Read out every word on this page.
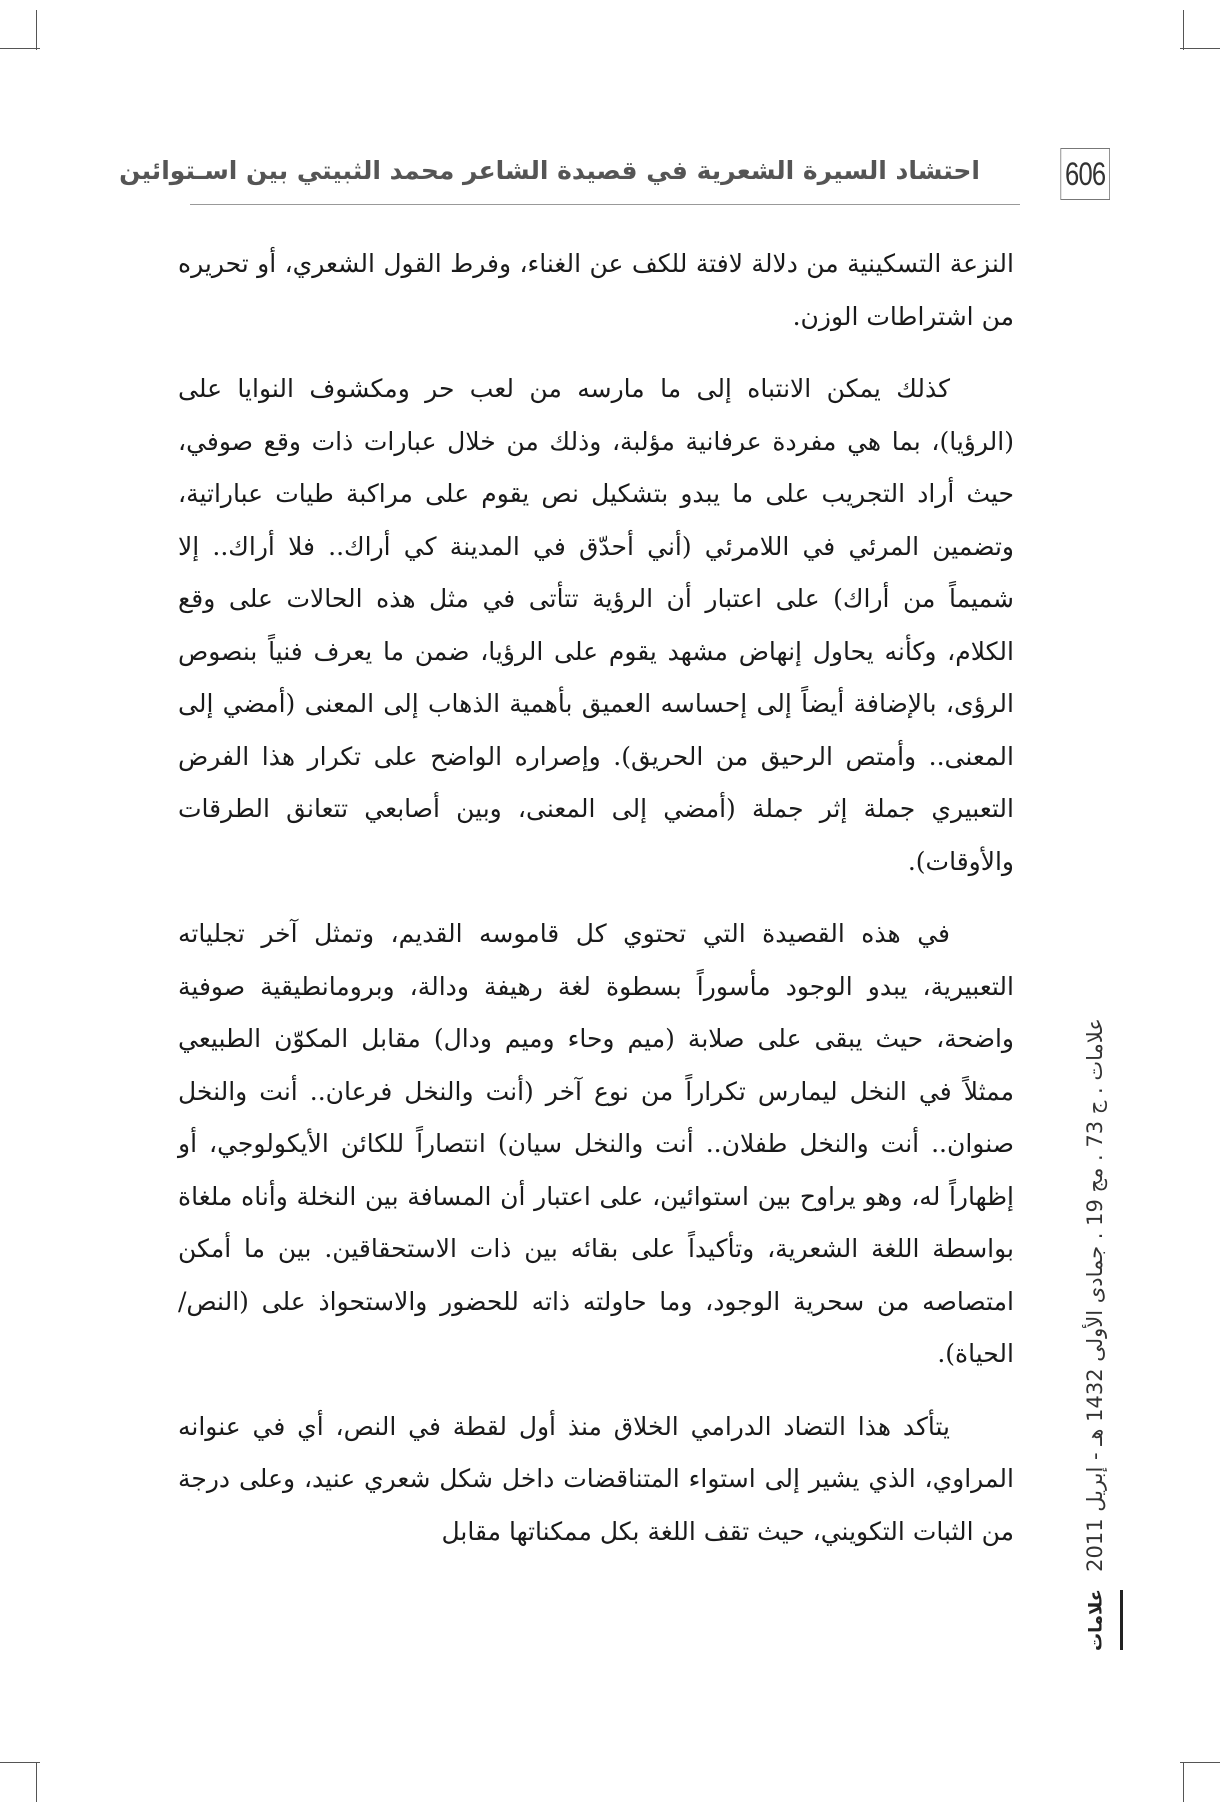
606
احتشاد السيرة الشعرية في قصيدة الشاعر محمد الثبيتي بين اسـتوائين

النزعة التسكينية من دلالة لافتة للكف عن الغناء، وفرط القول الشعري، أو تحريره من اشتراطات الوزن.

كذلك يمكن الانتباه إلى ما مارسه من لعب حر ومكشوف النوايا على (الرؤيا)، بما هي مفردة عرفانية مؤلبة، وذلك من خلال عبارات ذات وقع صوفي، حيث أراد التجريب على ما يبدو بتشكيل نص يقوم على مراكبة طيات عباراتية، وتضمين المرئي في اللامرئي (أني أحدّق في المدينة كي أراك.. فلا أراك.. إلا شميماً من أراك) على اعتبار أن الرؤية تتأتى في مثل هذه الحالات على وقع الكلام، وكأنه يحاول إنهاض مشهد يقوم على الرؤيا، ضمن ما يعرف فنياً بنصوص الرؤى، بالإضافة أيضاً إلى إحساسه العميق بأهمية الذهاب إلى المعنى (أمضي إلى المعنى.. وأمتص الرحيق من الحريق). وإصراره الواضح على تكرار هذا الفرض التعبيري جملة إثر جملة (أمضي إلى المعنى، وبين أصابعي تتعانق الطرقات والأوقات).

في هذه القصيدة التي تحتوي كل قاموسه القديم، وتمثل آخر تجلياته التعبيرية، يبدو الوجود مأسوراً بسطوة لغة رهيفة ودالة، وبرومانطيقية صوفية واضحة، حيث يبقى على صلابة (ميم وحاء وميم ودال) مقابل المكوّن الطبيعي ممثلاً في النخل ليمارس تكراراً من نوع آخر (أنت والنخل فرعان.. أنت والنخل صنوان.. أنت والنخل طفلان.. أنت والنخل سيان) انتصاراً للكائن الأيكولوجي، أو إظهاراً له، وهو يراوح بين استوائين، على اعتبار أن المسافة بين النخلة وأناه ملغاة بواسطة اللغة الشعرية، وتأكيداً على بقائه بين ذات الاستحقاقين. بين ما أمكن امتصاصه من سحرية الوجود، وما حاولته ذاته للحضور والاستحواذ على (النص/ الحياة).

يتأكد هذا التضاد الدرامي الخلاق منذ أول لقطة في النص، أي في عنوانه المراوي، الذي يشير إلى استواء المتناقضات داخل شكل شعري عنيد، وعلى درجة من الثبات التكويني، حيث تقف اللغة بكل ممكناتها مقابل	علامات . ج 73 . مج 19 . جمادى الأولى 1432 هـ - إبريل 2011
علامات
